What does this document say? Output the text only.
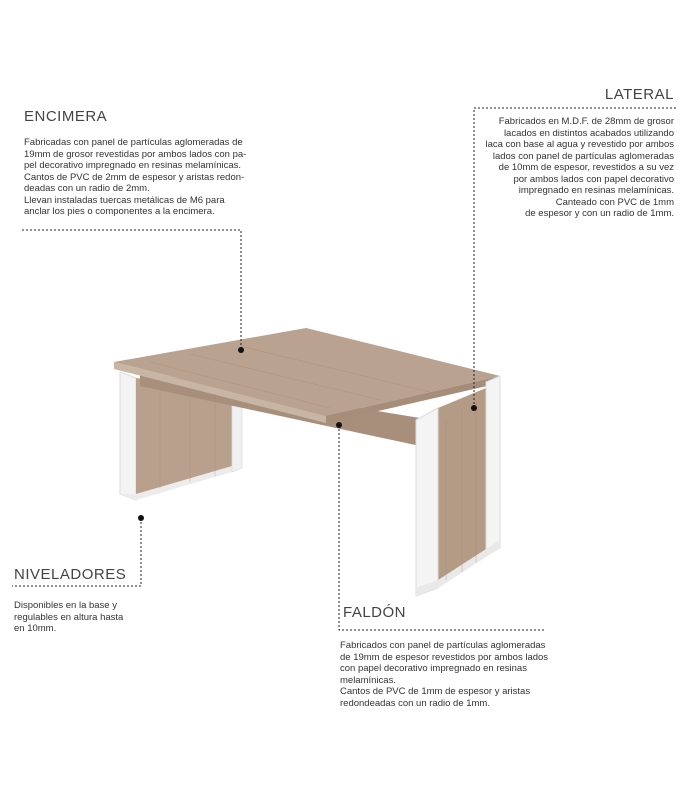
ENCIMERA
Fabricadas con panel de partículas aglomeradas de
19mm de grosor revestidas por ambos lados con pa-
pel decorativo impregnado en resinas melamínicas.
Cantos de PVC de 2mm de espesor y aristas redon-
deadas con un radio de 2mm.
Llevan instaladas tuercas metálicas de M6 para
anclar los pies o componentes a la encimera.
LATERAL
Fabricados en M.D.F. de 28mm de grosor
lacados en distintos acabados utilizando
laca con base al agua y revestido por ambos
lados con panel de partículas aglomeradas
de 10mm de espesor, revestidos a su vez
por ambos lados con papel decorativo
impregnado en resinas melamínicas.
Canteado con PVC de 1mm
de espesor y con un radio de 1mm.
NIVELADORES
Disponibles en la base y
regulables en altura hasta
en 10mm.
FALDÓN
Fabricados con panel de partículas aglomeradas
de 19mm de espesor revestidos por ambos lados
con papel decorativo impregnado en resinas
melamínicas.
Cantos de PVC de 1mm de espesor y aristas
redondeadas con un radio de 1mm.
